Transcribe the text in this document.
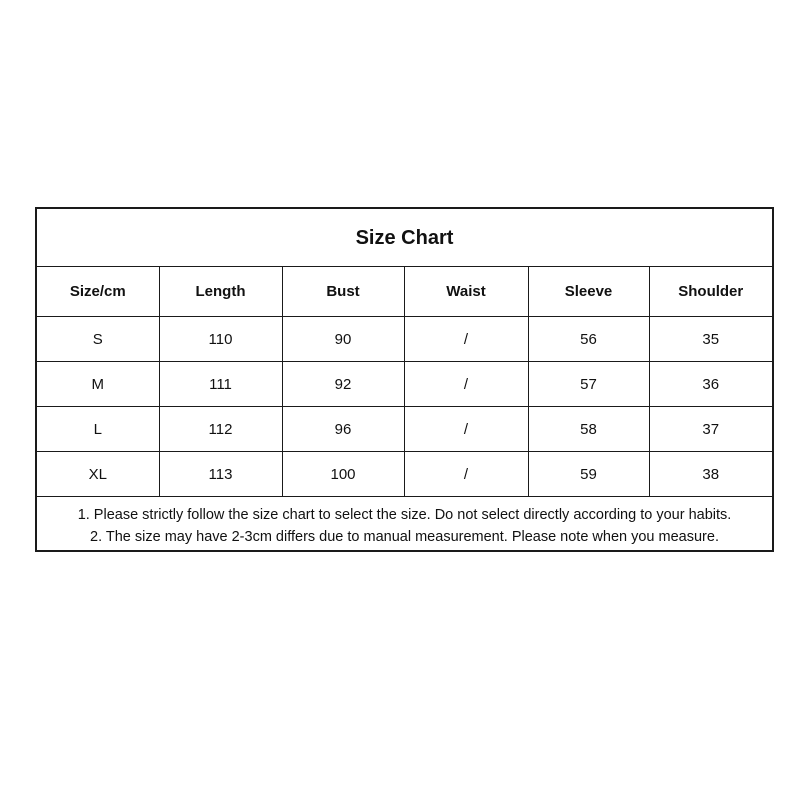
Size Chart
Size/cm	Length	Bust	Waist	Sleeve	Shoulder
S	110	90	/	56	35
M	111	92	/	57	36
L	112	96	/	58	37
XL	113	100	/	59	38
1. Please strictly follow the size chart to select the size. Do not select directly according to your habits.
2. The size may have 2-3cm differs due to manual measurement. Please note when you measure.
